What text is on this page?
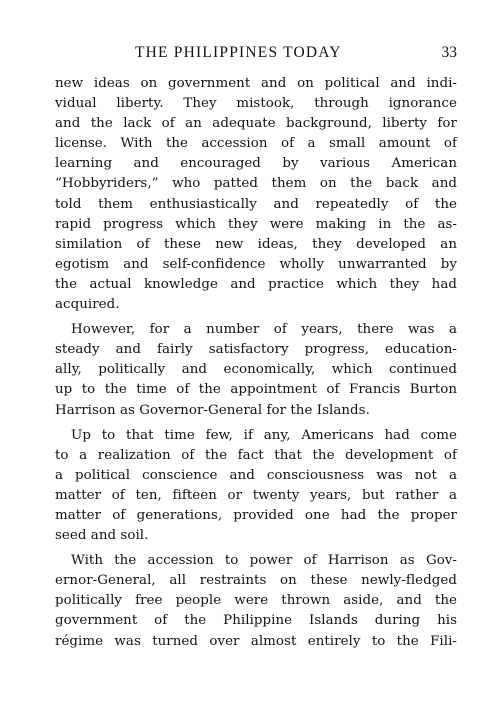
THE PHILIPPINES TODAY	33

new ideas on government and on political and indi-
vidual liberty. They mistook, through ignorance
and the lack of an adequate background, liberty for
license. With the accession of a small amount of
learning and encouraged by various American
“Hobbyriders,” who patted them on the back and
told them enthusiastically and repeatedly of the
rapid progress which they were making in the as-
similation of these new ideas, they developed an
egotism and self-confidence wholly unwarranted by
the actual knowledge and practice which they had
acquired.

However, for a number of years, there was a
steady and fairly satisfactory progress, education-
ally, politically and economically, which continued
up to the time of the appointment of Francis Burton
Harrison as Governor-General for the Islands.

Up to that time few, if any, Americans had come
to a realization of the fact that the development of
a political conscience and consciousness was not a
matter of ten, fifteen or twenty years, but rather a
matter of generations, provided one had the proper
seed and soil.

With the accession to power of Harrison as Gov-
ernor-General, all restraints on these newly-fledged
politically free people were thrown aside, and the
government of the Philippine Islands during his
régime was turned over almost entirely to the Fili-
